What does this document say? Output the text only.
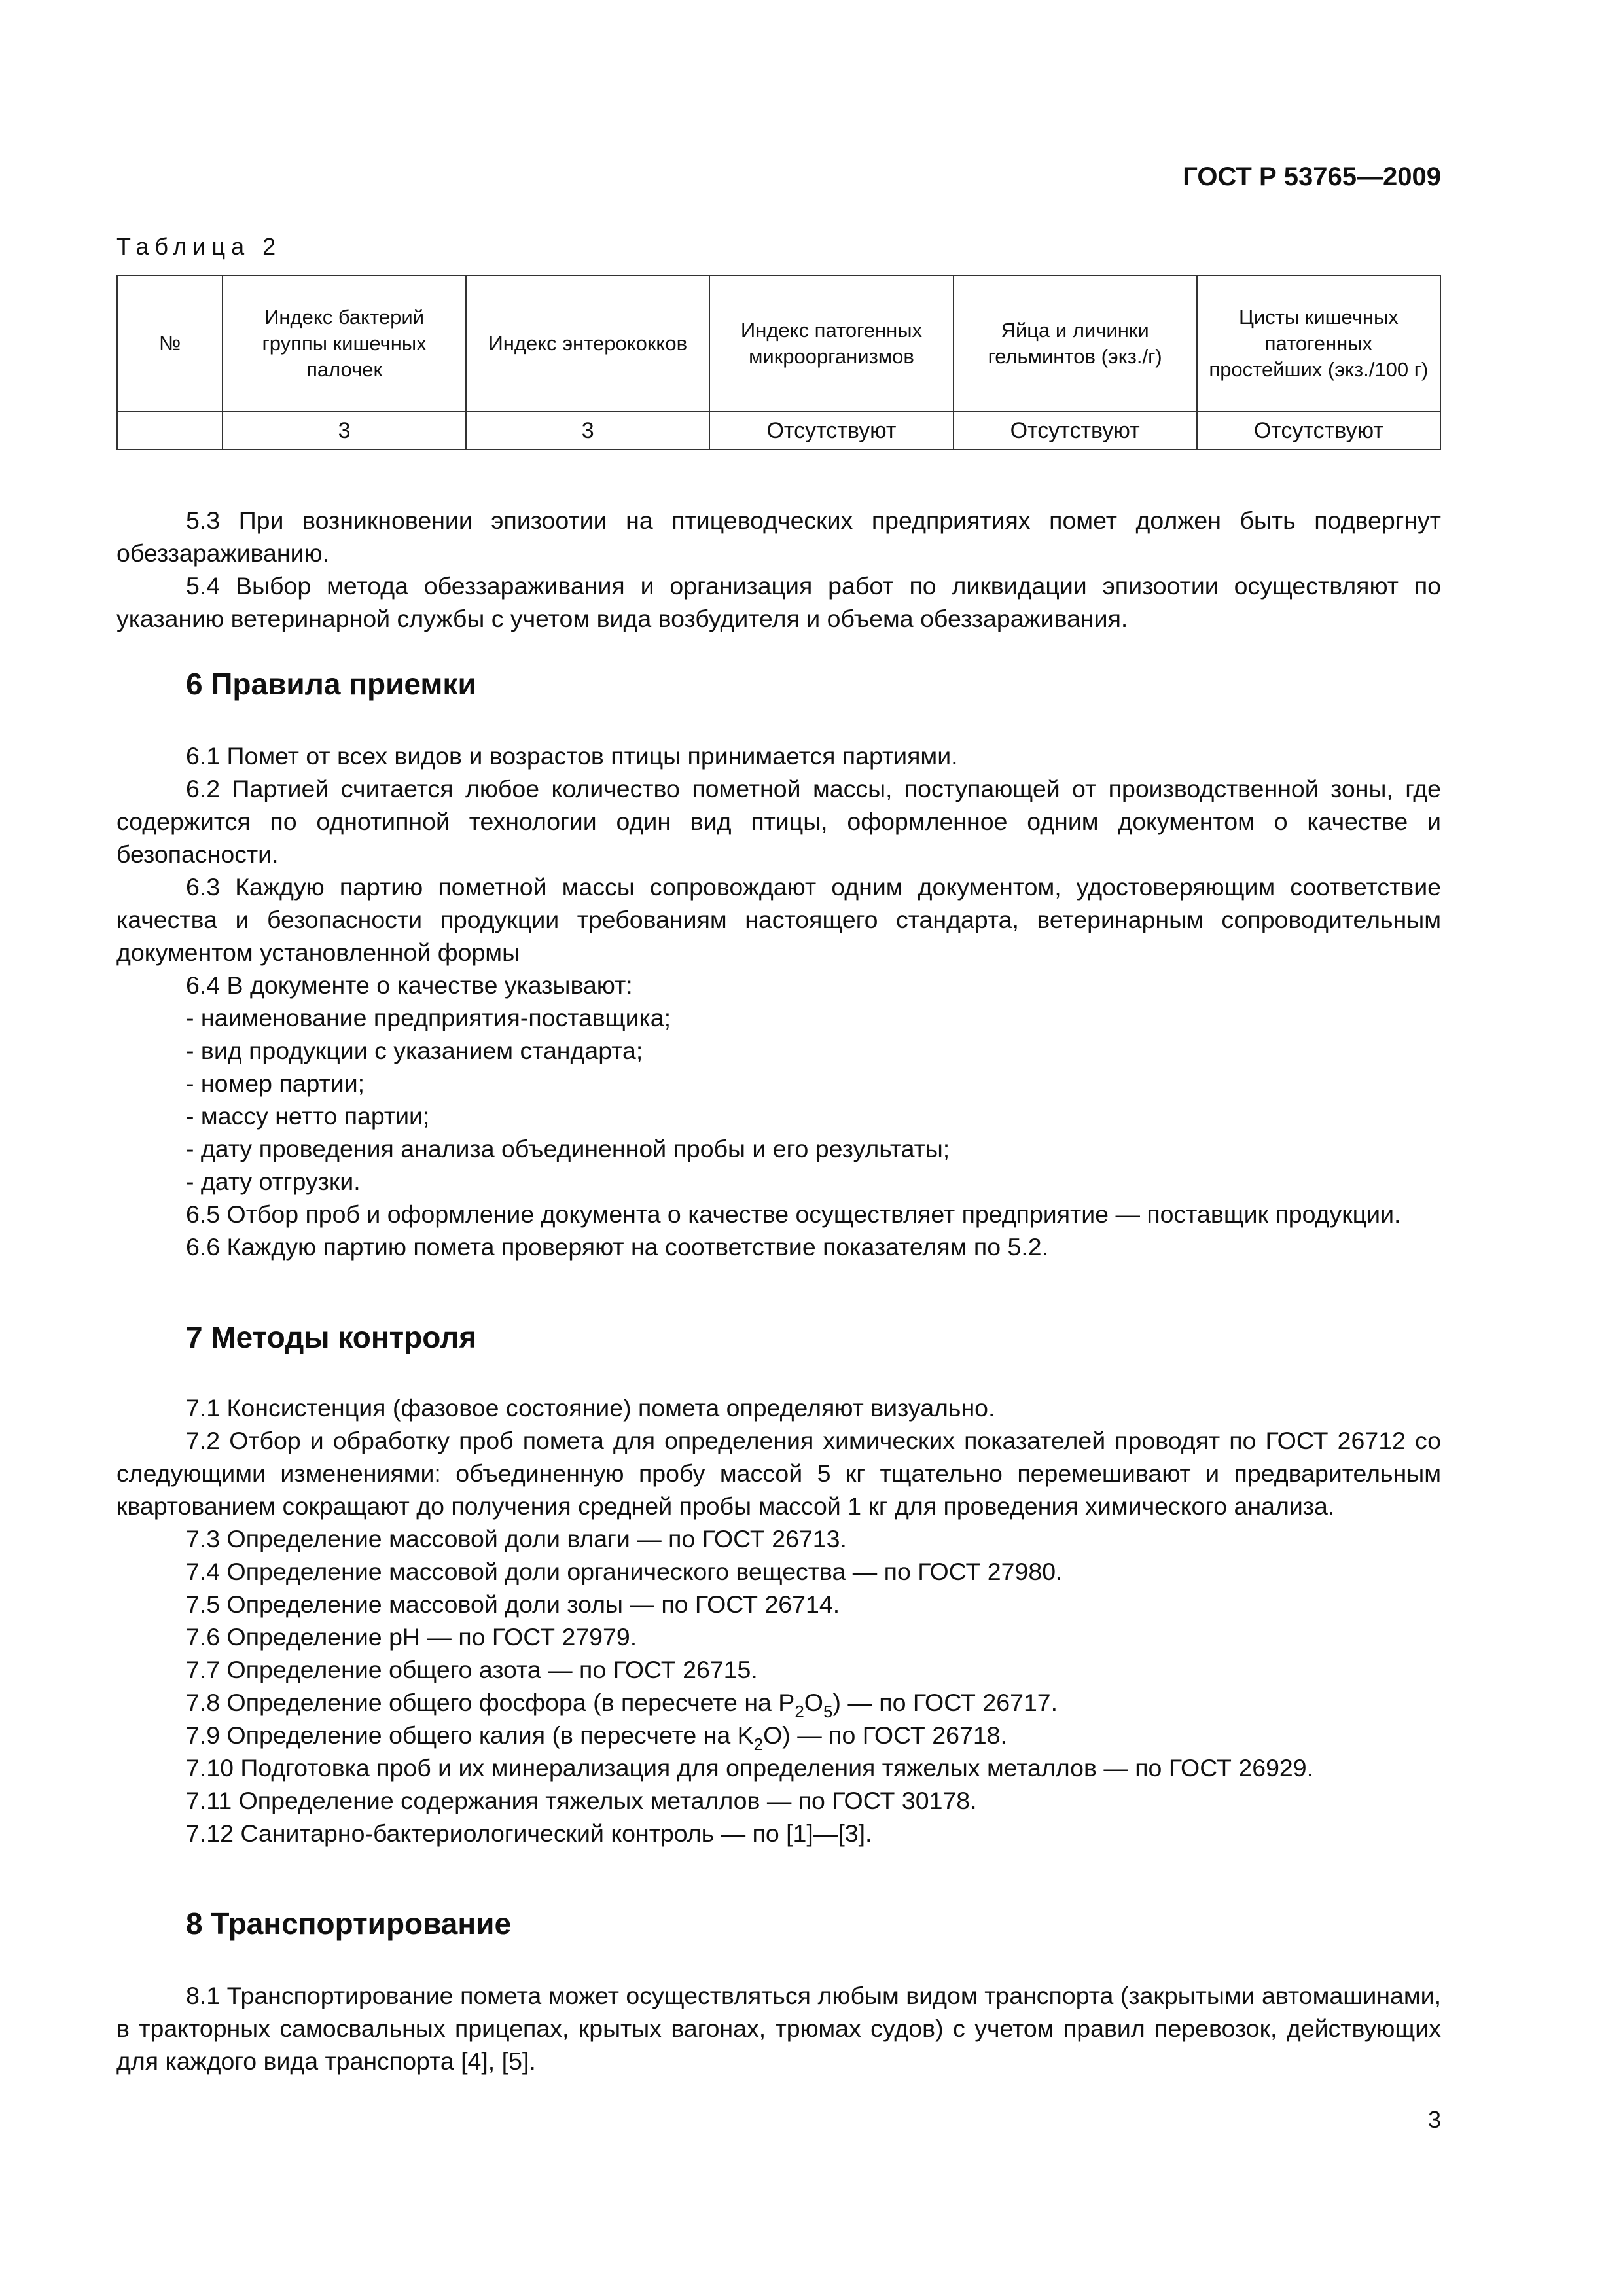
ГОСТ Р 53765—2009
Таблица 2
№	Индекс бактерий группы кишечных палочек	Индекс энтерококков	Индекс патогенных микроорганизмов	Яйца и личинки гельминтов (экз./г)	Цисты кишечных патогенных простейших (экз./100 г)
	3	3	Отсутствуют	Отсутствуют	Отсутствуют

5.3 При возникновении эпизоотии на птицеводческих предприятиях помет должен быть подвергнут обеззараживанию.

5.4 Выбор метода обеззараживания и организация работ по ликвидации эпизоотии осуществляют по указанию ветеринарной службы с учетом вида возбудителя и объема обеззараживания.

6 Правила приемки

6.1 Помет от всех видов и возрастов птицы принимается партиями.

6.2 Партией считается любое количество пометной массы, поступающей от производственной зоны, где содержится по однотипной технологии один вид птицы, оформленное одним документом о качестве и безопасности.

6.3 Каждую партию пометной массы сопровождают одним документом, удостоверяющим соответствие качества и безопасности продукции требованиям настоящего стандарта, ветеринарным сопроводительным документом установленной формы

6.4 В документе о качестве указывают:

- наименование предприятия-поставщика;

- вид продукции с указанием стандарта;

- номер партии;

- массу нетто партии;

- дату проведения анализа объединенной пробы и его результаты;

- дату отгрузки.

6.5 Отбор проб и оформление документа о качестве осуществляет предприятие — поставщик продукции.

6.6 Каждую партию помета проверяют на соответствие показателям по 5.2.

7 Методы контроля

7.1 Консистенция (фазовое состояние) помета определяют визуально.

7.2 Отбор и обработку проб помета для определения химических показателей проводят по ГОСТ 26712 со следующими изменениями: объединенную пробу массой 5 кг тщательно перемешивают и предварительным квартованием сокращают до получения средней пробы массой 1 кг для проведения химического анализа.

7.3 Определение массовой доли влаги — по ГОСТ 26713.

7.4 Определение массовой доли органического вещества — по ГОСТ 27980.

7.5 Определение массовой доли золы — по ГОСТ 26714.

7.6 Определение рН — по ГОСТ 27979.

7.7 Определение общего азота — по ГОСТ 26715.

7.8 Определение общего фосфора (в пересчете на $P_2O_5$) — по ГОСТ 26717.

7.9 Определение общего калия (в пересчете на $K_2O$) — по ГОСТ 26718.

7.10 Подготовка проб и их минерализация для определения тяжелых металлов — по ГОСТ 26929.

7.11 Определение содержания тяжелых металлов — по ГОСТ 30178.

7.12 Санитарно-бактериологический контроль — по [1]—[3].

8 Транспортирование

8.1 Транспортирование помета может осуществляться любым видом транспорта (закрытыми автомашинами, в тракторных самосвальных прицепах, крытых вагонах, трюмах судов) с учетом правил перевозок, действующих для каждого вида транспорта [4], [5].

3
